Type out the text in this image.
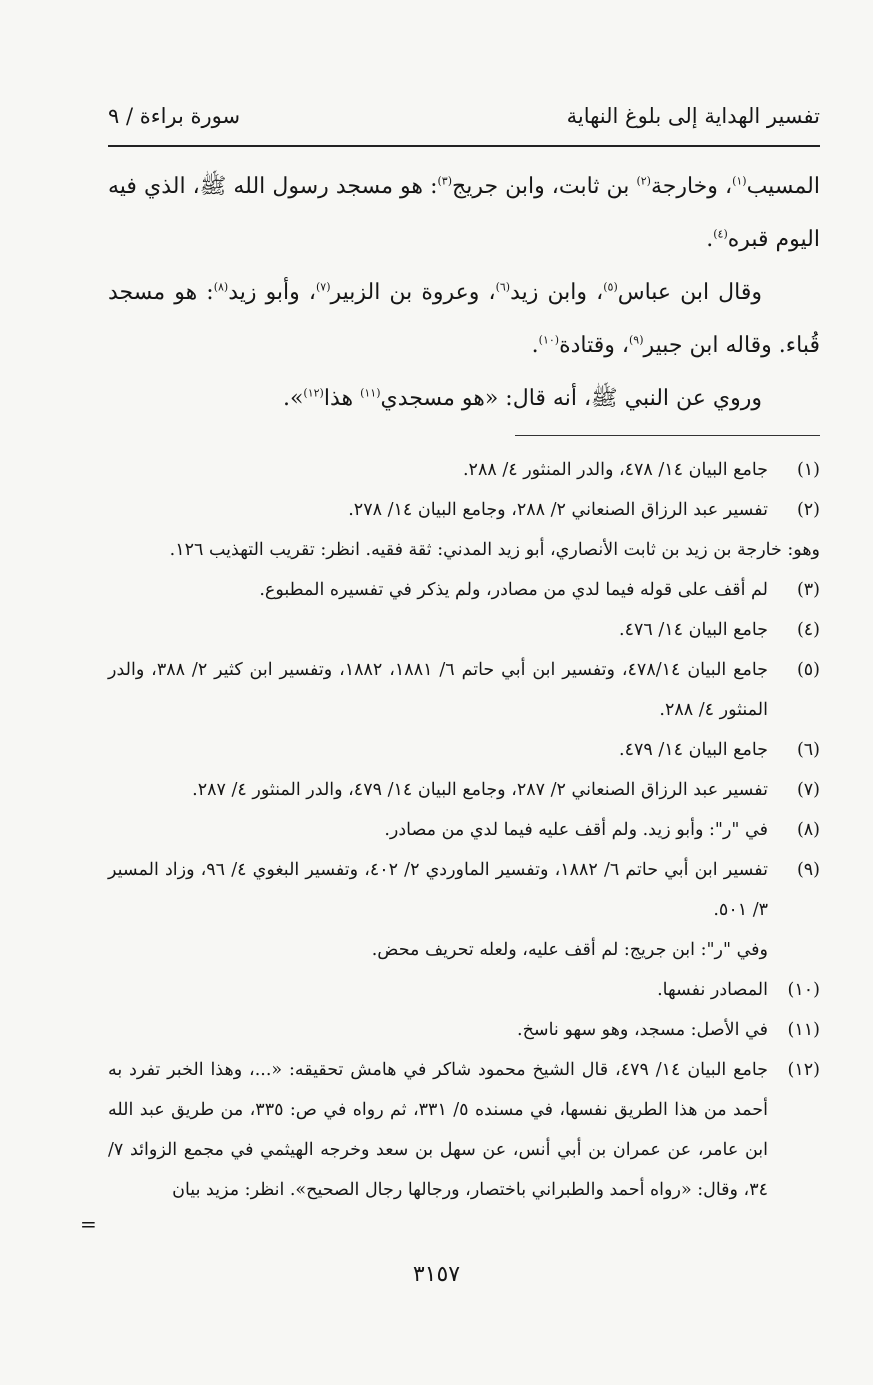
تفسير الهداية إلى بلوغ النهاية
سورة براءة / ٩

المسيب$^{(١)}$، وخارجة$^{(٢)}$ بن ثابت، وابن جريج$^{(٣)}$: هو مسجد رسول الله ﷺ، الذي فيه اليوم قبره$^{(٤)}$.

وقال ابن عباس$^{(٥)}$، وابن زيد$^{(٦)}$، وعروة بن الزبير$^{(٧)}$، وأبو زيد$^{(٨)}$: هو مسجد قُباء. وقاله ابن جبير$^{(٩)}$، وقتادة$^{(١٠)}$.

وروي عن النبي ﷺ، أنه قال: «هو مسجدي$^{(١١)}$ هذا$^{(١٢)}$».

(١)
جامع البيان ١٤/ ٤٧٨، والدر المنثور ٤/ ٢٨٨.
(٢)
تفسير عبد الرزاق الصنعاني ٢/ ٢٨٨، وجامع البيان ١٤/ ٢٧٨.
وهو: خارجة بن زيد بن ثابت الأنصاري، أبو زيد المدني: ثقة فقيه. انظر: تقريب التهذيب ١٢٦.
(٣)
لم أقف على قوله فيما لدي من مصادر، ولم يذكر في تفسيره المطبوع.
(٤)
جامع البيان ١٤/ ٤٧٦.
(٥)
جامع البيان ٤٧٨/١٤، وتفسير ابن أبي حاتم ٦/ ١٨٨١، ١٨٨٢، وتفسير ابن كثير ٢/ ٣٨٨، والدر المنثور ٤/ ٢٨٨.
(٦)
جامع البيان ١٤/ ٤٧٩.
(٧)
تفسير عبد الرزاق الصنعاني ٢/ ٢٨٧، وجامع البيان ١٤/ ٤٧٩، والدر المنثور ٤/ ٢٨٧.
(٨)
في "ر": وأبو زيد. ولم أقف عليه فيما لدي من مصادر.
(٩)
تفسير ابن أبي حاتم ٦/ ١٨٨٢، وتفسير الماوردي ٢/ ٤٠٢، وتفسير البغوي ٤/ ٩٦، وزاد المسير ٣/ ٥٠١.
وفي "ر": ابن جريج: لم أقف عليه، ولعله تحريف محض.
(١٠)
المصادر نفسها.
(١١)
في الأصل: مسجد، وهو سهو ناسخ.
(١٢)
جامع البيان ١٤/ ٤٧٩، قال الشيخ محمود شاكر في هامش تحقيقه: «...، وهذا الخبر تفرد به أحمد من هذا الطريق نفسها، في مسنده ٥/ ٣٣١، ثم رواه في ص: ٣٣٥، من طريق عبد الله ابن عامر، عن عمران بن أبي أنس، عن سهل بن سعد وخرجه الهيثمي في مجمع الزوائد ٧/ ٣٤، وقال: «رواه أحمد والطبراني باختصار، ورجالها رجال الصحيح». انظر: مزيد بيان
=
٣١٥٧
